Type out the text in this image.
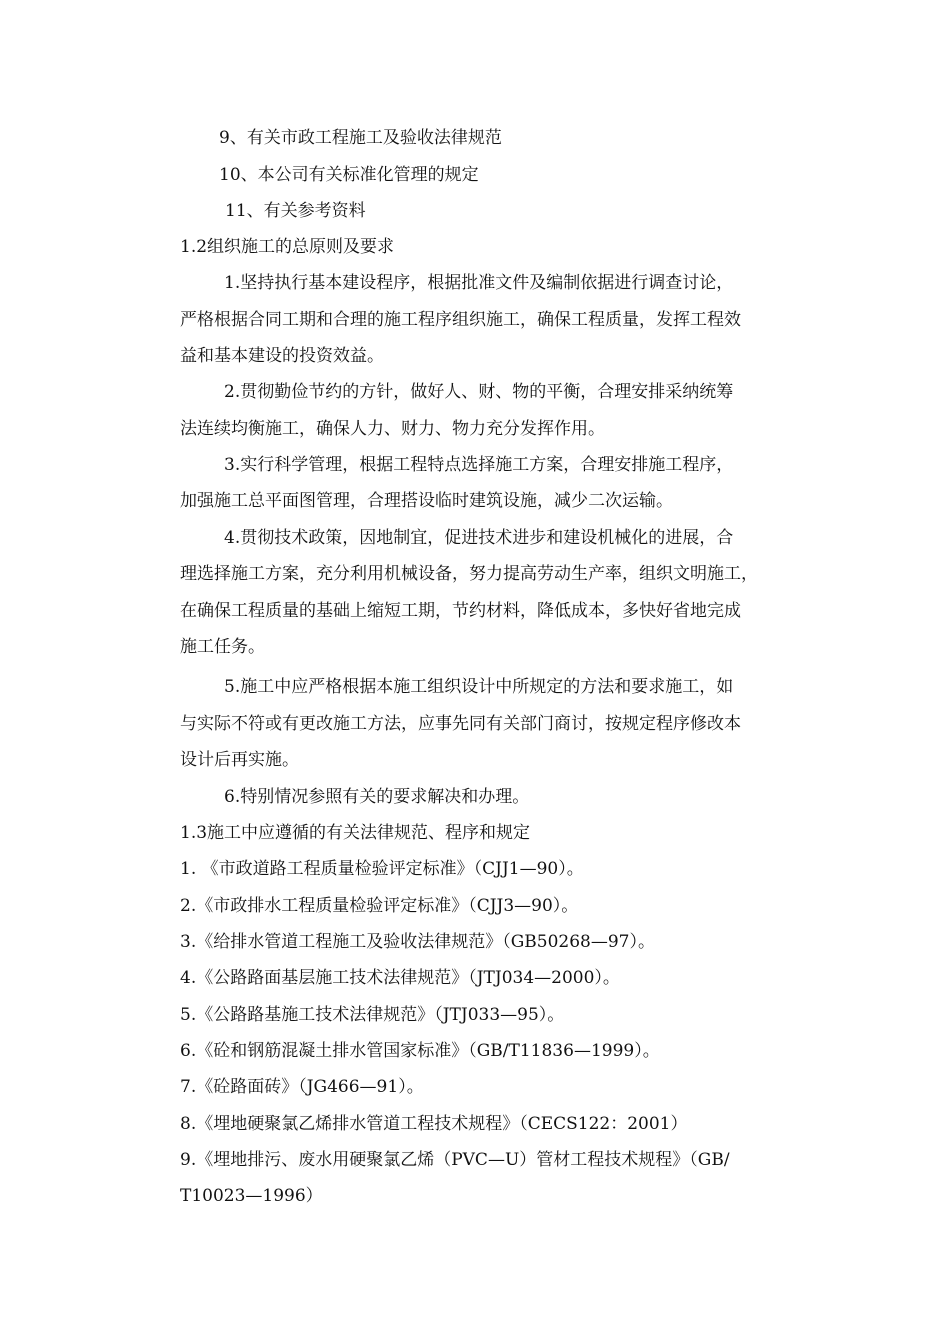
9、有关市政工程施工及验收法律规范
10、本公司有关标准化管理的规定
11、有关参考资料
1.2组织施工的总原则及要求
1.坚持执行基本建设程序，根据批准文件及编制依据进行调查讨论，
严格根据合同工期和合理的施工程序组织施工，确保工程质量，发挥工程效
益和基本建设的投资效益。
2.贯彻勤俭节约的方针，做好人、财、物的平衡，合理安排采纳统筹
法连续均衡施工，确保人力、财力、物力充分发挥作用。
3.实行科学管理，根据工程特点选择施工方案，合理安排施工程序，
加强施工总平面图管理，合理搭设临时建筑设施，减少二次运输。
4.贯彻技术政策，因地制宜，促进技术进步和建设机械化的进展，合
理选择施工方案，充分利用机械设备，努力提高劳动生产率，组织文明施工，
在确保工程质量的基础上缩短工期，节约材料，降低成本，多快好省地完成
施工任务。
5.施工中应严格根据本施工组织设计中所规定的方法和要求施工，如
与实际不符或有更改施工方法，应事先同有关部门商讨，按规定程序修改本
设计后再实施。
6.特别情况参照有关的要求解决和办理。
1.3施工中应遵循的有关法律规范、程序和规定
1. 《市政道路工程质量检验评定标准》（CJJ1—90）。
2.《市政排水工程质量检验评定标准》（CJJ3—90）。
3.《给排水管道工程施工及验收法律规范》（GB50268—97）。
4.《公路路面基层施工技术法律规范》（JTJ034—2000）。
5.《公路路基施工技术法律规范》（JTJ033—95）。
6.《砼和钢筋混凝土排水管国家标准》（GB/T11836—1999）。
7.《砼路面砖》（JG466—91）。
8.《埋地硬聚氯乙烯排水管道工程技术规程》（CECS122：2001）
9.《埋地排污、废水用硬聚氯乙烯（PVC—U）管材工程技术规程》（GB/
T10023—1996）
